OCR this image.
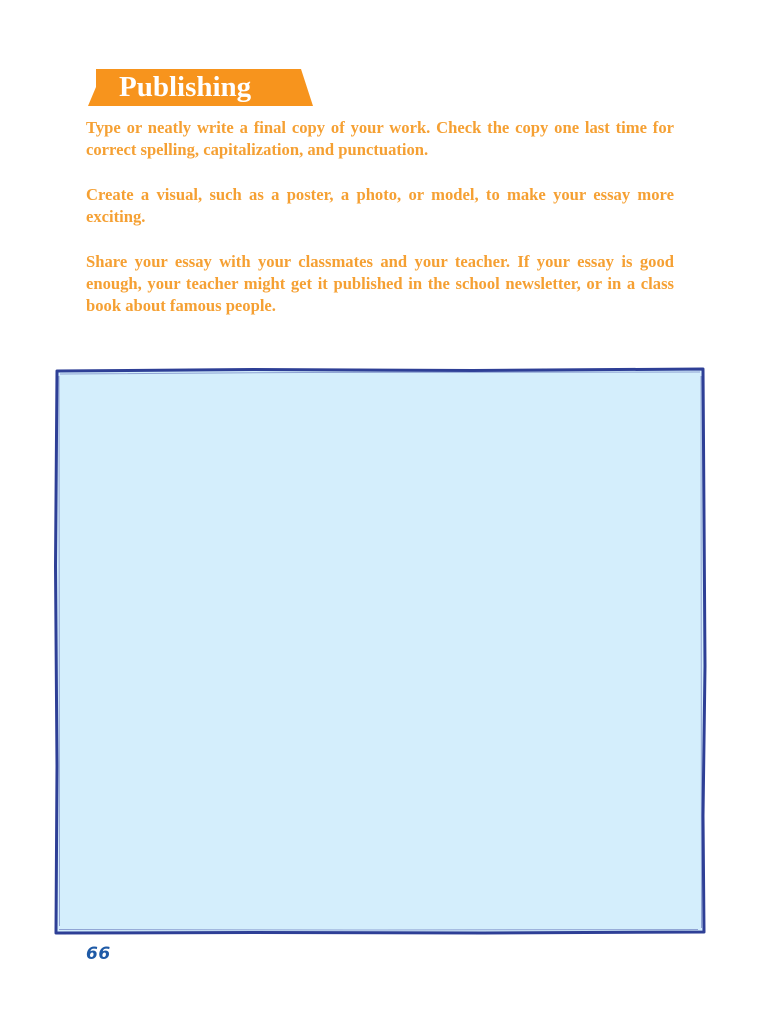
Publishing

Type or neatly write a final copy of your work. Check the copy one last time for correct spelling, capitalization, and punctuation.

Create a visual, such as a poster, a photo, or model, to make your essay more exciting.

Share your essay with your classmates and your teacher. If your essay is good enough, your teacher might get it published in the school newsletter, or in a class book about famous people.

66
